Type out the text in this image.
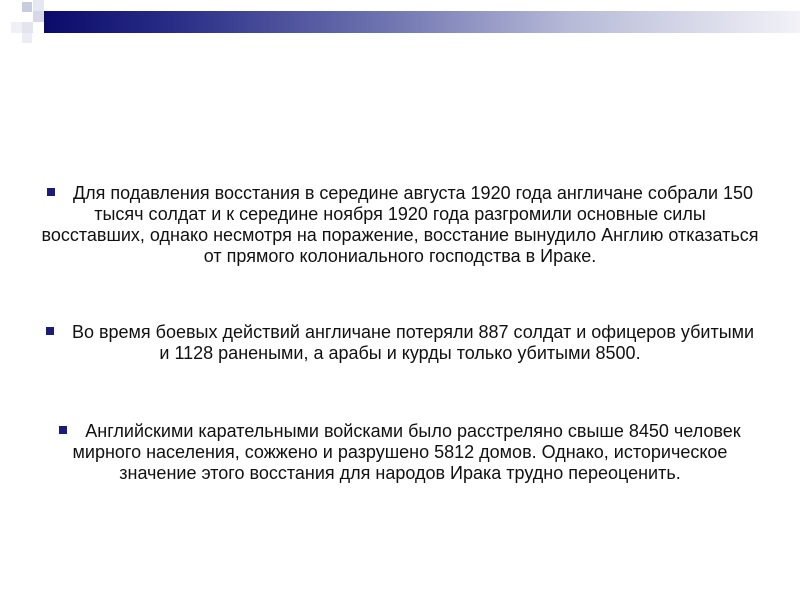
Для подавления восстания в середине августа 1920 года англичане собрали 150 тысяч солдат и к середине ноября 1920 года разгромили основные силы восставших, однако несмотря на поражение, восстание вынудило Англию отказаться от прямого колониального господства в Ираке.
Во время боевых действий англичане потеряли 887 солдат и офицеров убитыми и 1128 ранеными, а арабы и курды только убитыми 8500.
Английскими карательными войсками было расстреляно свыше 8450 человек мирного населения, сожжено и разрушено 5812 домов. Однако, историческое значение этого восстания для народов Ирака трудно переоценить.
